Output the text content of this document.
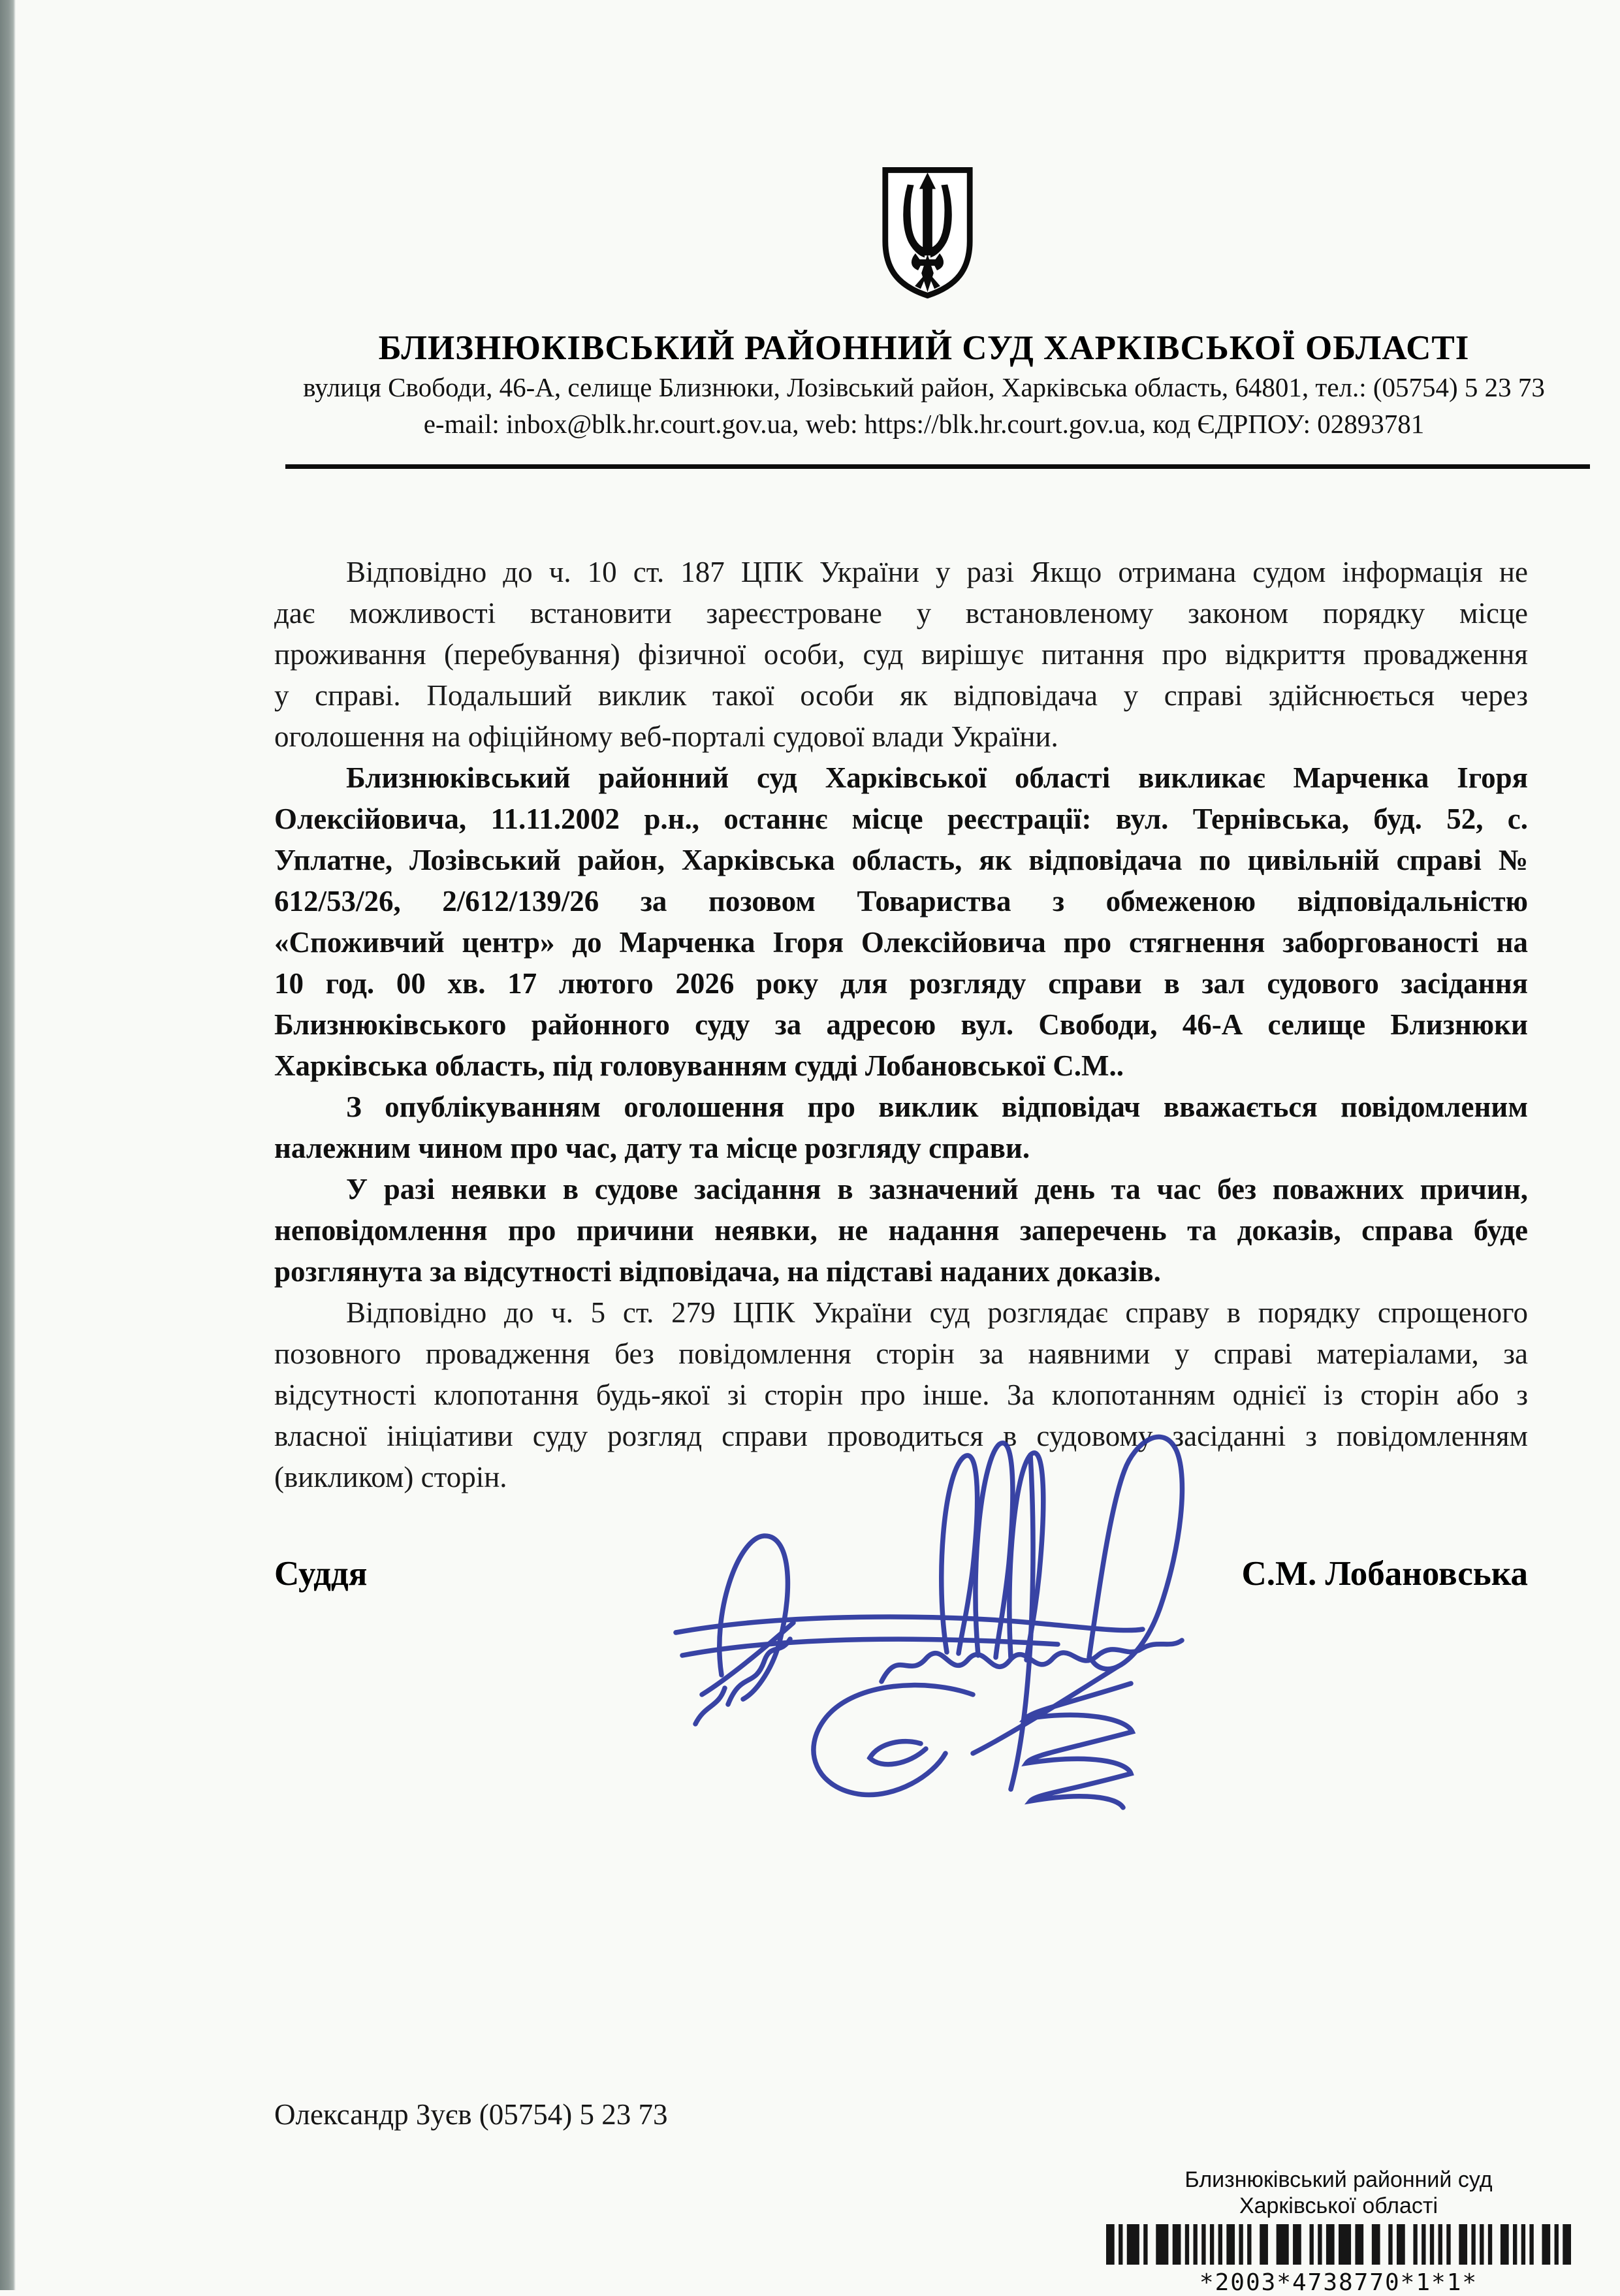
БЛИЗНЮКІВСЬКИЙ РАЙОННИЙ СУД ХАРКІВСЬКОЇ ОБЛАСТІ
вулиця Свободи, 46-А, селище Близнюки, Лозівський район, Харківська область, 64801, тел.: (05754) 5 23 73
e-mail: inbox@blk.hr.court.gov.ua, web: https://blk.hr.court.gov.ua, код ЄДРПОУ: 02893781
Відповідно до ч. 10 ст. 187 ЦПК України у разі Якщо отримана судом інформація не
дає можливості встановити зареєстроване у встановленому законом порядку місце
проживання (перебування) фізичної особи, суд вирішує питання про відкриття провадження
у справі. Подальший виклик такої особи як відповідача у справі здійснюється через
оголошення на офіційному веб-порталі судової влади України.
Близнюківський районний суд Харківської області викликає Марченка Ігоря
Олексійовича, 11.11.2002 р.н., останнє місце реєстрації: вул. Тернівська, буд. 52, с.
Уплатне, Лозівський район, Харківська область, як відповідача по цивільній справі №
612/53/26, 2/612/139/26 за позовом Товариства з обмеженою відповідальністю
«Споживчий центр» до Марченка Ігоря Олексійовича про стягнення заборгованості на
10 год. 00 хв. 17 лютого 2026 року для розгляду справи в зал судового засідання
Близнюківського районного суду за адресою вул. Свободи, 46-А селище Близнюки
Харківська область, під головуванням судді Лобановської С.М..
З опублікуванням оголошення про виклик відповідач вважається повідомленим
належним чином про час, дату та місце розгляду справи.
У разі неявки в судове засідання в зазначений день та час без поважних причин,
неповідомлення про причини неявки, не надання заперечень та доказів, справа буде
розглянута за відсутності відповідача, на підставі наданих доказів.
Відповідно до ч. 5 ст. 279 ЦПК України суд розглядає справу в порядку спрощеного
позовного провадження без повідомлення сторін за наявними у справі матеріалами, за
відсутності клопотання будь-якої зі сторін про інше. За клопотанням однієї із сторін або з
власної ініціативи суду розгляд справи проводиться в судовому засіданні з повідомленням
(викликом) сторін.
Суддя	С.М. Лобановська
Олександр Зуєв (05754) 5 23 73
Близнюківський районний суд
Харківської області
*2003*4738770*1*1*
